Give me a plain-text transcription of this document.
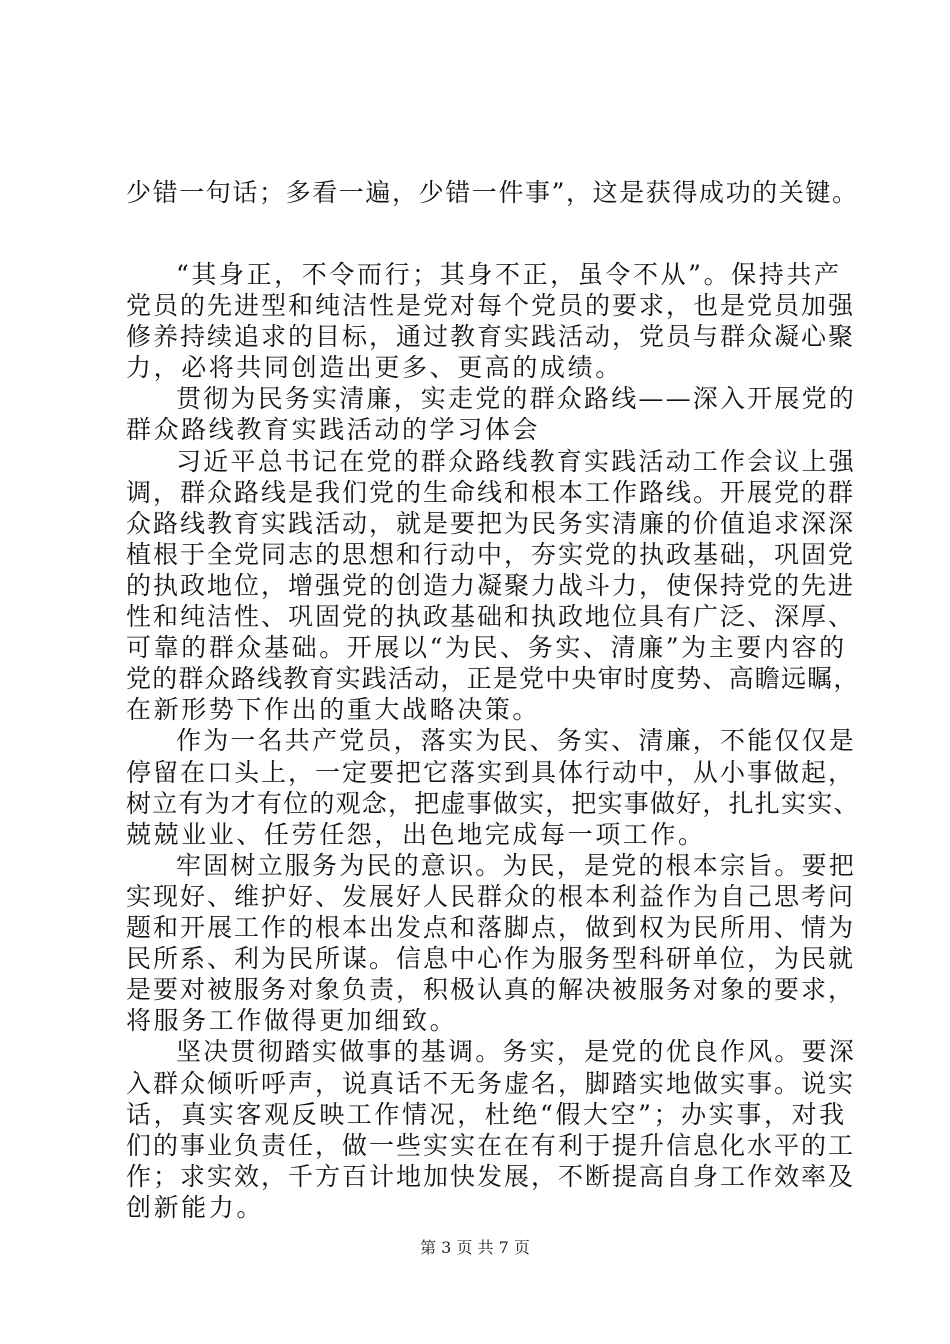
少错一句话；多看一遍，少错一件事”，这是获得成功的关键。
“其身正，不令而行；其身不正，虽令不从”。保持共产
党员的先进型和纯洁性是党对每个党员的要求，也是党员加强
修养持续追求的目标，通过教育实践活动，党员与群众凝心聚
力，必将共同创造出更多、更高的成绩。
贯彻为民务实清廉，实走党的群众路线——深入开展党的
群众路线教育实践活动的学习体会
习近平总书记在党的群众路线教育实践活动工作会议上强
调，群众路线是我们党的生命线和根本工作路线。开展党的群
众路线教育实践活动，就是要把为民务实清廉的价值追求深深
植根于全党同志的思想和行动中，夯实党的执政基础，巩固党
的执政地位，增强党的创造力凝聚力战斗力，使保持党的先进
性和纯洁性、巩固党的执政基础和执政地位具有广泛、深厚、
可靠的群众基础。开展以“为民、务实、清廉”为主要内容的
党的群众路线教育实践活动，正是党中央审时度势、高瞻远瞩，
在新形势下作出的重大战略决策。
作为一名共产党员，落实为民、务实、清廉，不能仅仅是
停留在口头上，一定要把它落实到具体行动中，从小事做起，
树立有为才有位的观念，把虚事做实，把实事做好，扎扎实实、
兢兢业业、任劳任怨，出色地完成每一项工作。
牢固树立服务为民的意识。为民，是党的根本宗旨。要把
实现好、维护好、发展好人民群众的根本利益作为自己思考问
题和开展工作的根本出发点和落脚点，做到权为民所用、情为
民所系、利为民所谋。信息中心作为服务型科研单位，为民就
是要对被服务对象负责，积极认真的解决被服务对象的要求，
将服务工作做得更加细致。
坚决贯彻踏实做事的基调。务实，是党的优良作风。要深
入群众倾听呼声，说真话不无务虚名，脚踏实地做实事。说实
话，真实客观反映工作情况，杜绝“假大空”；办实事，对我
们的事业负责任，做一些实实在在有利于提升信息化水平的工
作；求实效，千方百计地加快发展，不断提高自身工作效率及
创新能力。
第 3 页 共 7 页
